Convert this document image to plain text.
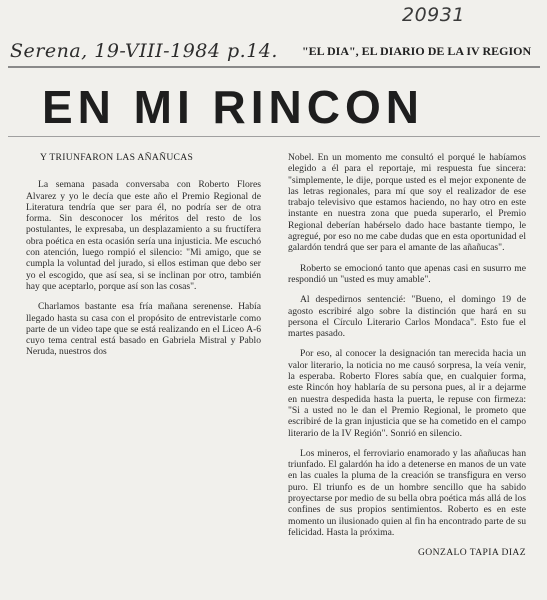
20931
Serena, 19-VIII-1984 p.14. "EL DIA", EL DIARIO DE LA IV REGION
EN MI RINCON
Y TRIUNFARON LAS AÑAÑUCAS

La semana pasada conversaba con Roberto Flores Alvarez y yo le decía que este año el Premio Regional de Literatura tendría que ser para él, no podría ser de otra forma. Sin desconocer los méritos del resto de los postulantes, le expresaba, un desplazamiento a su fructífera obra poética en esta ocasión sería una injusticia. Me escuchó con atención, luego rompió el silencio: "Mi amigo, que se cumpla la voluntad del jurado, si ellos estiman que debo ser yo el escogido, que así sea, si se inclinan por otro, también hay que aceptarlo, porque así son las cosas".

Charlamos bastante esa fría mañana serenense. Había llegado hasta su casa con el propósito de entrevistarle como parte de un video tape que se está realizando en el Liceo A-6 cuyo tema central está basado en Gabriela Mistral y Pablo Neruda, nuestros dos

Nobel. En un momento me consultó el porqué le habíamos elegido a él para el reportaje, mi respuesta fue sincera: "simplemente, le dije, porque usted es el mejor exponente de las letras regionales, para mí que soy el realizador de ese trabajo televisivo que estamos haciendo, no hay otro en este instante en nuestra zona que pueda superarlo, el Premio Regional deberían habérselo dado hace bastante tiempo, le agregué, por eso no me cabe dudas que en esta oportunidad el galardón tendrá que ser para el amante de las añañucas".

Roberto se emocionó tanto que apenas casi en susurro me respondió un "usted es muy amable".

Al despedirnos sentencié: "Bueno, el domingo 19 de agosto escribiré algo sobre la distinción que hará en su persona el Círculo Literario Carlos Mondaca". Esto fue el martes pasado.

Por eso, al conocer la designación tan merecida hacia un valor literario, la noticia no me causó sorpresa, la veía venir, la esperaba. Roberto Flores sabía que, en cualquier forma, este Rincón hoy hablaría de su persona pues, al ir a dejarme en nuestra despedida hasta la puerta, le repuse con firmeza: "Si a usted no le dan el Premio Regional, le prometo que escribiré de la gran injusticia que se ha cometido en el campo literario de la IV Región". Sonrió en silencio.

Los mineros, el ferroviario enamorado y las añañucas han triunfado. El galardón ha ido a detenerse en manos de un vate en las cuales la pluma de la creación se transfigura en verso puro. El triunfo es de un hombre sencillo que ha sabido proyectarse por medio de su bella obra poética más allá de los confines de sus propios sentimientos. Roberto es en este momento un ilusionado quien al fin ha encontrado parte de su felicidad. Hasta la próxima.

GONZALO TAPIA DIAZ
